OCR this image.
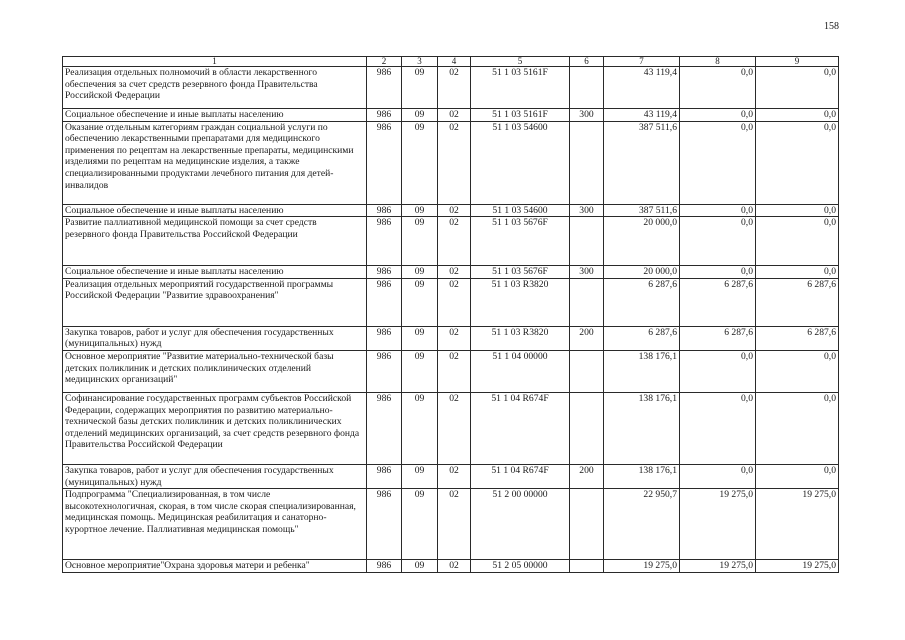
158
1	2	3	4	5	6	7	8	9
Реализация отдельных полномочий в области лекарственного обеспечения за счет средств резервного фонда Правительства Российской Федерации	986	09	02	51 1 03 5161F		43 119,4	0,0	0,0
Социальное обеспечение и иные выплаты населению	986	09	02	51 1 03 5161F	300	43 119,4	0,0	0,0
Оказание отдельным категориям граждан социальной услуги по обеспечению лекарственными препаратами для медицинского применения по рецептам на лекарственные препараты, медицинскими изделиями по рецептам на медицинские изделия, а также специализированными продуктами лечебного питания для детей-инвалидов	986	09	02	51 1 03 54600		387 511,6	0,0	0,0
Социальное обеспечение и иные выплаты населению	986	09	02	51 1 03 54600	300	387 511,6	0,0	0,0
Развитие паллиативной медицинской помощи за счет средств резервного фонда Правительства Российской Федерации	986	09	02	51 1 03 5676F		20 000,0	0,0	0,0
Социальное обеспечение и иные выплаты населению	986	09	02	51 1 03 5676F	300	20 000,0	0,0	0,0
Реализация отдельных мероприятий государственной программы Российской Федерации "Развитие здравоохранения"	986	09	02	51 1 03 R3820		6 287,6	6 287,6	6 287,6
Закупка товаров, работ и услуг для обеспечения государственных (муниципальных) нужд	986	09	02	51 1 03 R3820	200	6 287,6	6 287,6	6 287,6
Основное мероприятие "Развитие материально-технической базы детских поликлиник и детских поликлинических отделений медицинских организаций"	986	09	02	51 1 04 00000		138 176,1	0,0	0,0
Софинансирование государственных программ субъектов Российской Федерации, содержащих мероприятия по развитию материально-технической базы детских поликлиник и детских поликлинических отделений медицинских организаций, за счет средств резервного фонда Правительства Российской Федерации	986	09	02	51 1 04 R674F		138 176,1	0,0	0,0
Закупка товаров, работ и услуг для обеспечения государственных (муниципальных) нужд	986	09	02	51 1 04 R674F	200	138 176,1	0,0	0,0
Подпрограмма "Специализированная, в том числе высокотехнологичная, скорая, в том числе скорая специализированная, медицинская помощь. Медицинская реабилитация и санаторно-курортное лечение. Паллиативная медицинская помощь"	986	09	02	51 2 00 00000		22 950,7	19 275,0	19 275,0
Основное мероприятие"Охрана здоровья матери и ребенка"	986	09	02	51 2 05 00000		19 275,0	19 275,0	19 275,0
